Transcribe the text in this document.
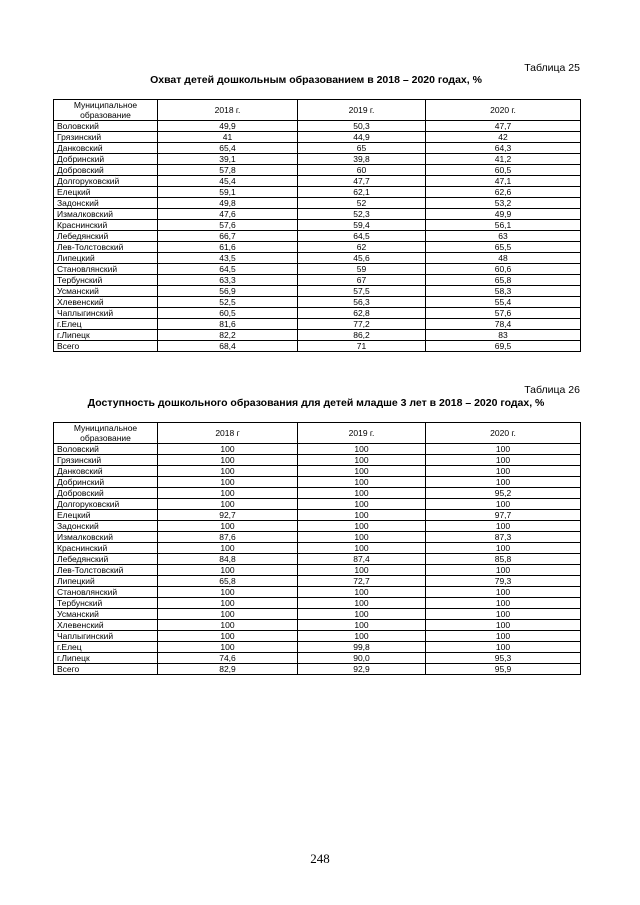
Таблица 25
Охват детей дошкольным образованием в 2018 – 2020 годах, %
Муниципальное образование	2018 г.	2019 г.	2020 г.
Воловский	49,9	50,3	47,7
Грязинский	41	44,9	42
Данковский	65,4	65	64,3
Добринский	39,1	39,8	41,2
Добровский	57,8	60	60,5
Долгоруковский	45,4	47,7	47,1
Елецкий	59,1	62,1	62,6
Задонский	49,8	52	53,2
Измалковский	47,6	52,3	49,9
Краснинский	57,6	59,4	56,1
Лебедянский	66,7	64,5	63
Лев-Толстовский	61,6	62	65,5
Липецкий	43,5	45,6	48
Становлянский	64,5	59	60,6
Тербунский	63,3	67	65,8
Усманский	56,9	57,5	58,3
Хлевенский	52,5	56,3	55,4
Чаплыгинский	60,5	62,8	57,6
г.Елец	81,6	77,2	78,4
г.Липецк	82,2	86,2	83
Всего	68,4	71	69,5
Таблица 26
Доступность дошкольного образования для детей младше 3 лет в 2018 – 2020 годах, %
Муниципальное образование	2018 г	2019 г.	2020 г.
Воловский	100	100	100
Грязинский	100	100	100
Данковский	100	100	100
Добринский	100	100	100
Добровский	100	100	95,2
Долгоруковский	100	100	100
Елецкий	92,7	100	97,7
Задонский	100	100	100
Измалковский	87,6	100	87,3
Краснинский	100	100	100
Лебедянский	84,8	87,4	85,8
Лев-Толстовский	100	100	100
Липецкий	65,8	72,7	79,3
Становлянский	100	100	100
Тербунский	100	100	100
Усманский	100	100	100
Хлевенский	100	100	100
Чаплыгинский	100	100	100
г.Елец	100	99,8	100
г.Липецк	74,6	90,0	95,3
Всего	82,9	92,9	95,9
248
